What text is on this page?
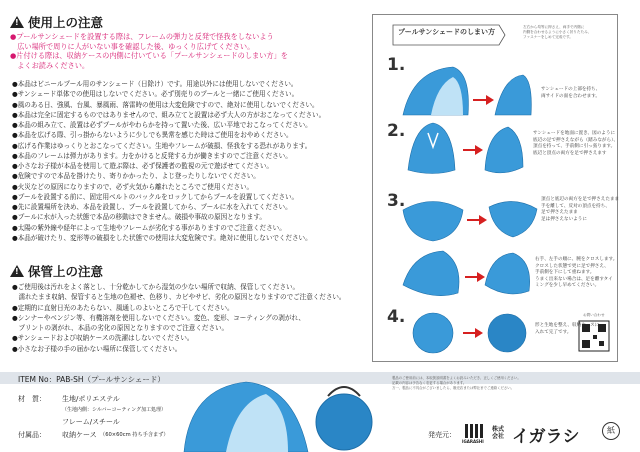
!
使用上の注意
●プールサンシェードを設置する際は、フレームの弾力と反発で怪我をしないよう
　広い場所で周りに人がいない事を確認した後、ゆっくり広げてください。
●片付ける際は、収納ケースの内側に付いている「プールサンシェードのしまい方」を
　よくお読みください。
●本品はビニールプール用のサンシェード（日除け）です。用途以外には使用しないでください。
●サンシェード単体での使用はしないでください。必ず別売りのプールと一緒にご使用ください。
●風のある日、強風、台風、暴風雨、落雷時の使用は大変危険ですので、絶対に使用しないでください。
●本品は完全に固定するものではありませんので、組み立てと設置は必ず大人の方がおこなってください。
●本品の組み立て、設置は必ずプールがやわらかを持って置いた後、広い平地でおこなってください。
●本品を広げる際、引っ掛からないように少しでも異常を感じた時はご使用をおやめください。
●広げる作業はゆっくりとおこなってください。生地やフレームが破損、怪我をする恐れがあります。
●本品のフレームは弾力があります。力をかけると反発する力が働きますのでご注意ください。
●小さなお子様が本品を使用して遊ぶ際は、必ず保護者の監視の元で遊ばせてください。
●危険ですので本品を掛けたり、寄りかかったり、よじ登ったりしないでください。
●火災などの原因になりますので、必ず火気から離れたところでご使用ください。
●プールを設置する前に、固定用ベルトのバックルをロックしてからプールを設置してください。
●先に設置場所を決め、本品を設置し、プールを設置してから、プールに水を入れてください。
●プールに水が入った状態で本品の移動はできません。破損や事故の原因となります。
●太陽の紫外線や経年によって生地やフレームが劣化する事がありますのでご注意ください。
●本品が破けたり、変形等の破損をした状態での使用は大変危険です。絶対に使用しないでください。
!
保管上の注意
●ご使用後は汚れをよく落とし、十分乾かしてから湿気の少ない場所で収納、保管してください。
　濡れたまま収納、保管すると生地の色褪せ、色移り、カビやサビ、劣化の原因となりますのでご注意ください。
●定期的に直射日光のあたらない、風通しのよいところで干してください。
●シンナーやベンジン等、有機溶剤を使用しないでください。変色、変形、コーティングの剥がれ、
　プリントの剥がれ、本品の劣化の原因となりますのでご注意ください。
●サンシェードおよび収納ケースの洗濯はしないでください。
●小さなお子様の手の届かない場所に保管してください。
プールサンシェードのしまい方
左右から均等に押さえ、両手で内側に
内側を合わせるように小さく折りたたみ、
ファスナーをしめて完成です。
1.
サンシェードの上部を持ち、
両サイドの面を合わせます。
2.	サンシェードを地面に置き、図のように
底辺の足で押さえながら（踏みながら）、
頂点を持って、手前側に引っ張ります。
底辺と頂点の両方を足で押さえます
3.	頂点と底辺の両方を足で押さえたまま
手を離して、反対の頂点を持ち、
足で押さえたまま
足は押さえないように
右手、左手の順に、腕をクロスします。
クロスした状態で更に足で押さえ、
手前側を下にして重ねます。
うまく出来ない場合は、足を離すタイ
ミングを少し早めてください。
4.	形と生地を整え、収納ケースに
入れて完了です。
お問い合わせ
ITEM No：PAB-SH（プールサンシェード）
材　質： 生地/ポリエステル
（生地内側：シルバーコーティング加工処理）
フレーム/スチール
付属品： 収納ケース （60×60cm 持ち手含まず）
製品のご使用前には、本取扱説明書をよくお読みいただき、正しくご使用ください。
記載の内容は予告なく変更する場合があります。
万一、製品に不具合がございましたら、販売店または弊社までご連絡ください。
発売元：
IGARASHI
株式会社 イガラシ	紙
